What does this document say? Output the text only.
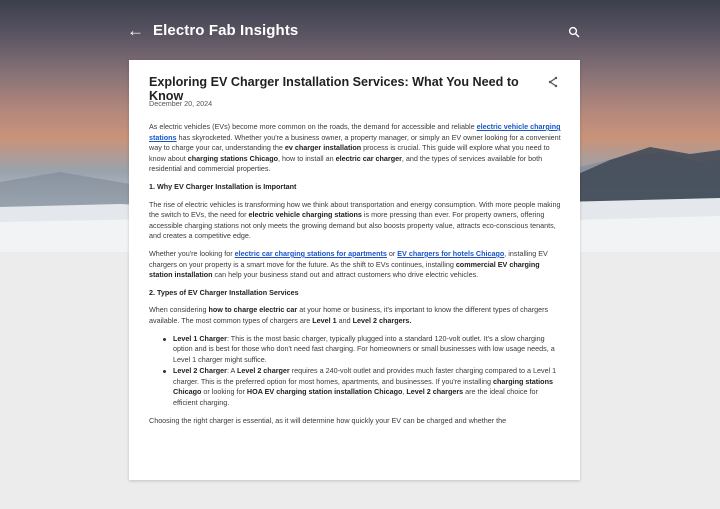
← Electro Fab Insights
Exploring EV Charger Installation Services: What You Need to Know
December 20, 2024

As electric vehicles (EVs) become more common on the roads, the demand for accessible and reliable electric vehicle charging stations has skyrocketed. Whether you're a business owner, a property manager, or simply an EV owner looking for a convenient way to charge your car, understanding the ev charger installation process is crucial. This guide will explore what you need to know about charging stations Chicago, how to install an electric car charger, and the types of services available for both residential and commercial properties.

1. Why EV Charger Installation is Important

The rise of electric vehicles is transforming how we think about transportation and energy consumption. With more people making the switch to EVs, the need for electric vehicle charging stations is more pressing than ever. For property owners, offering accessible charging stations not only meets the growing demand but also boosts property value, attracts eco-conscious tenants, and creates a competitive edge.

Whether you're looking for electric car charging stations for apartments or EV chargers for hotels Chicago, installing EV chargers on your property is a smart move for the future. As the shift to EVs continues, installing commercial EV charging station installation can help your business stand out and attract customers who drive electric vehicles.

2. Types of EV Charger Installation Services

When considering how to charge electric car at your home or business, it's important to know the different types of chargers available. The most common types of chargers are Level 1 and Level 2 chargers.

Level 1 Charger: This is the most basic charger, typically plugged into a standard 120-volt outlet. It's a slow charging option and is best for those who don't need fast charging. For homeowners or small businesses with low usage needs, a Level 1 charger might suffice.
Level 2 Charger: A Level 2 charger requires a 240-volt outlet and provides much faster charging compared to a Level 1 charger. This is the preferred option for most homes, apartments, and businesses. If you're installing charging stations Chicago or looking for HOA EV charging station installation Chicago, Level 2 chargers are the ideal choice for efficient charging.

Choosing the right charger is essential, as it will determine how quickly your EV can be charged and whether the
